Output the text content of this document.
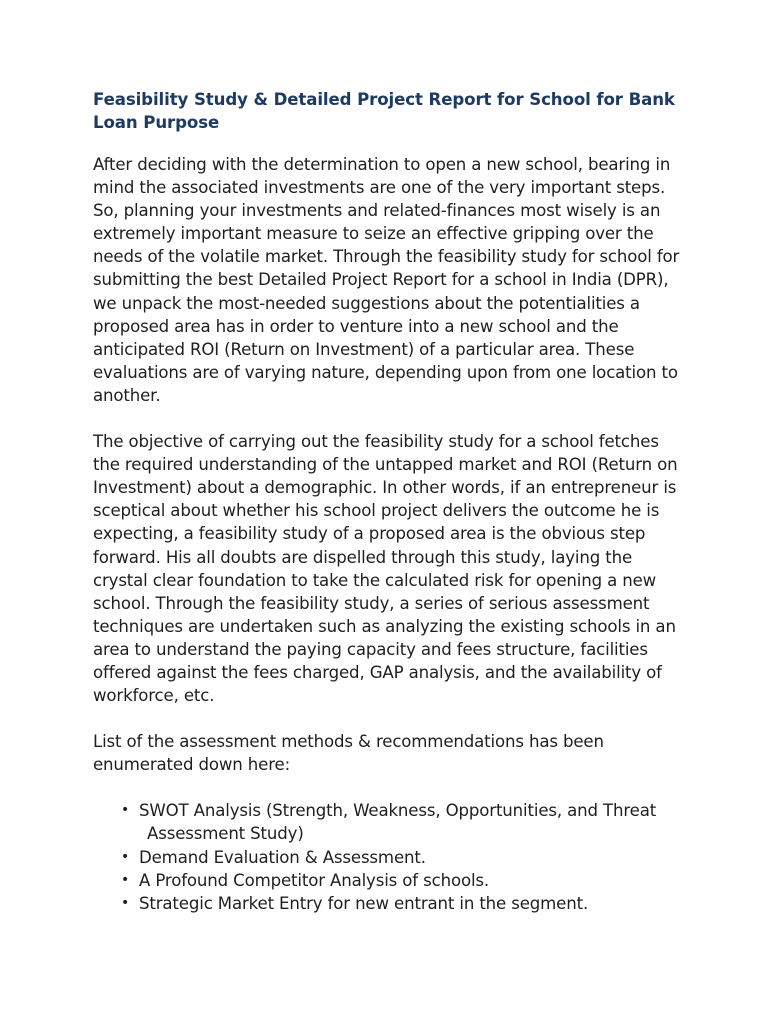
Feasibility Study & Detailed Project Report for School for Bank Loan Purpose

After deciding with the determination to open a new school, bearing in mind the associated investments are one of the very important steps. So, planning your investments and related-finances most wisely is an extremely important measure to seize an effective gripping over the needs of the volatile market. Through the feasibility study for school for submitting the best Detailed Project Report for a school in India (DPR), we unpack the most-needed suggestions about the potentialities a proposed area has in order to venture into a new school and the anticipated ROI (Return on Investment) of a particular area. These evaluations are of varying nature, depending upon from one location to another.

The objective of carrying out the feasibility study for a school fetches the required understanding of the untapped market and ROI (Return on Investment) about a demographic. In other words, if an entrepreneur is sceptical about whether his school project delivers the outcome he is expecting, a feasibility study of a proposed area is the obvious step forward. His all doubts are dispelled through this study, laying the crystal clear foundation to take the calculated risk for opening a new school. Through the feasibility study, a series of serious assessment techniques are undertaken such as analyzing the existing schools in an area to understand the paying capacity and fees structure, facilities offered against the fees charged, GAP analysis, and the availability of workforce, etc.

List of the assessment methods & recommendations has been enumerated down here:

• SWOT Analysis (Strength, Weakness, Opportunities, and Threat
Assessment Study)
• Demand Evaluation & Assessment.
• A Profound Competitor Analysis of schools.
• Strategic Market Entry for new entrant in the segment.
